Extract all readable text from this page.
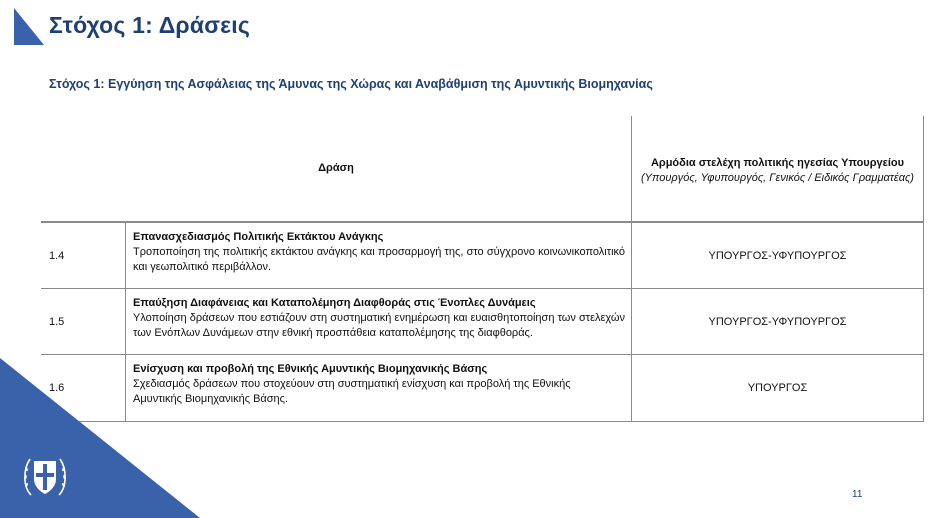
Στόχος 1: Δράσεις
Στόχος 1: Εγγύηση της Ασφάλειας της Άμυνας της Χώρας και Αναβάθμιση της Αμυντικής Βιομηχανίας
Δράση	Αρμόδια στελέχη πολιτικής ηγεσίας Υπουργείου
(Υπουργός, Υφυπουργός, Γενικός / Ειδικός Γραμματέας)
1.4
Επανασχεδιασμός Πολιτικής Εκτάκτου Ανάγκης
Τροποποίηση της πολιτικής εκτάκτου ανάγκης και προσαρμογή της, στο σύγχρονο κοινωνικοπολιτικό και γεωπολιτικό περιβάλλον.
ΥΠΟΥΡΓΟΣ-ΥΦΥΠΟΥΡΓΟΣ
1.5
Επαύξηση Διαφάνειας και Καταπολέμηση Διαφθοράς στις Ένοπλες Δυνάμεις
Υλοποίηση δράσεων που εστιάζουν στη συστηματική ενημέρωση και ευαισθητοποίηση των στελεχών των Ενόπλων Δυνάμεων στην εθνική προσπάθεια καταπολέμησης της διαφθοράς.
ΥΠΟΥΡΓΟΣ-ΥΦΥΠΟΥΡΓΟΣ
1.6
Ενίσχυση και προβολή της Εθνικής Αμυντικής Βιομηχανικής Βάσης
Σχεδιασμός δράσεων που στοχεύουν στη συστηματική ενίσχυση και προβολή της Εθνικής Αμυντικής Βιομηχανικής Βάσης.
ΥΠΟΥΡΓΟΣ
11
